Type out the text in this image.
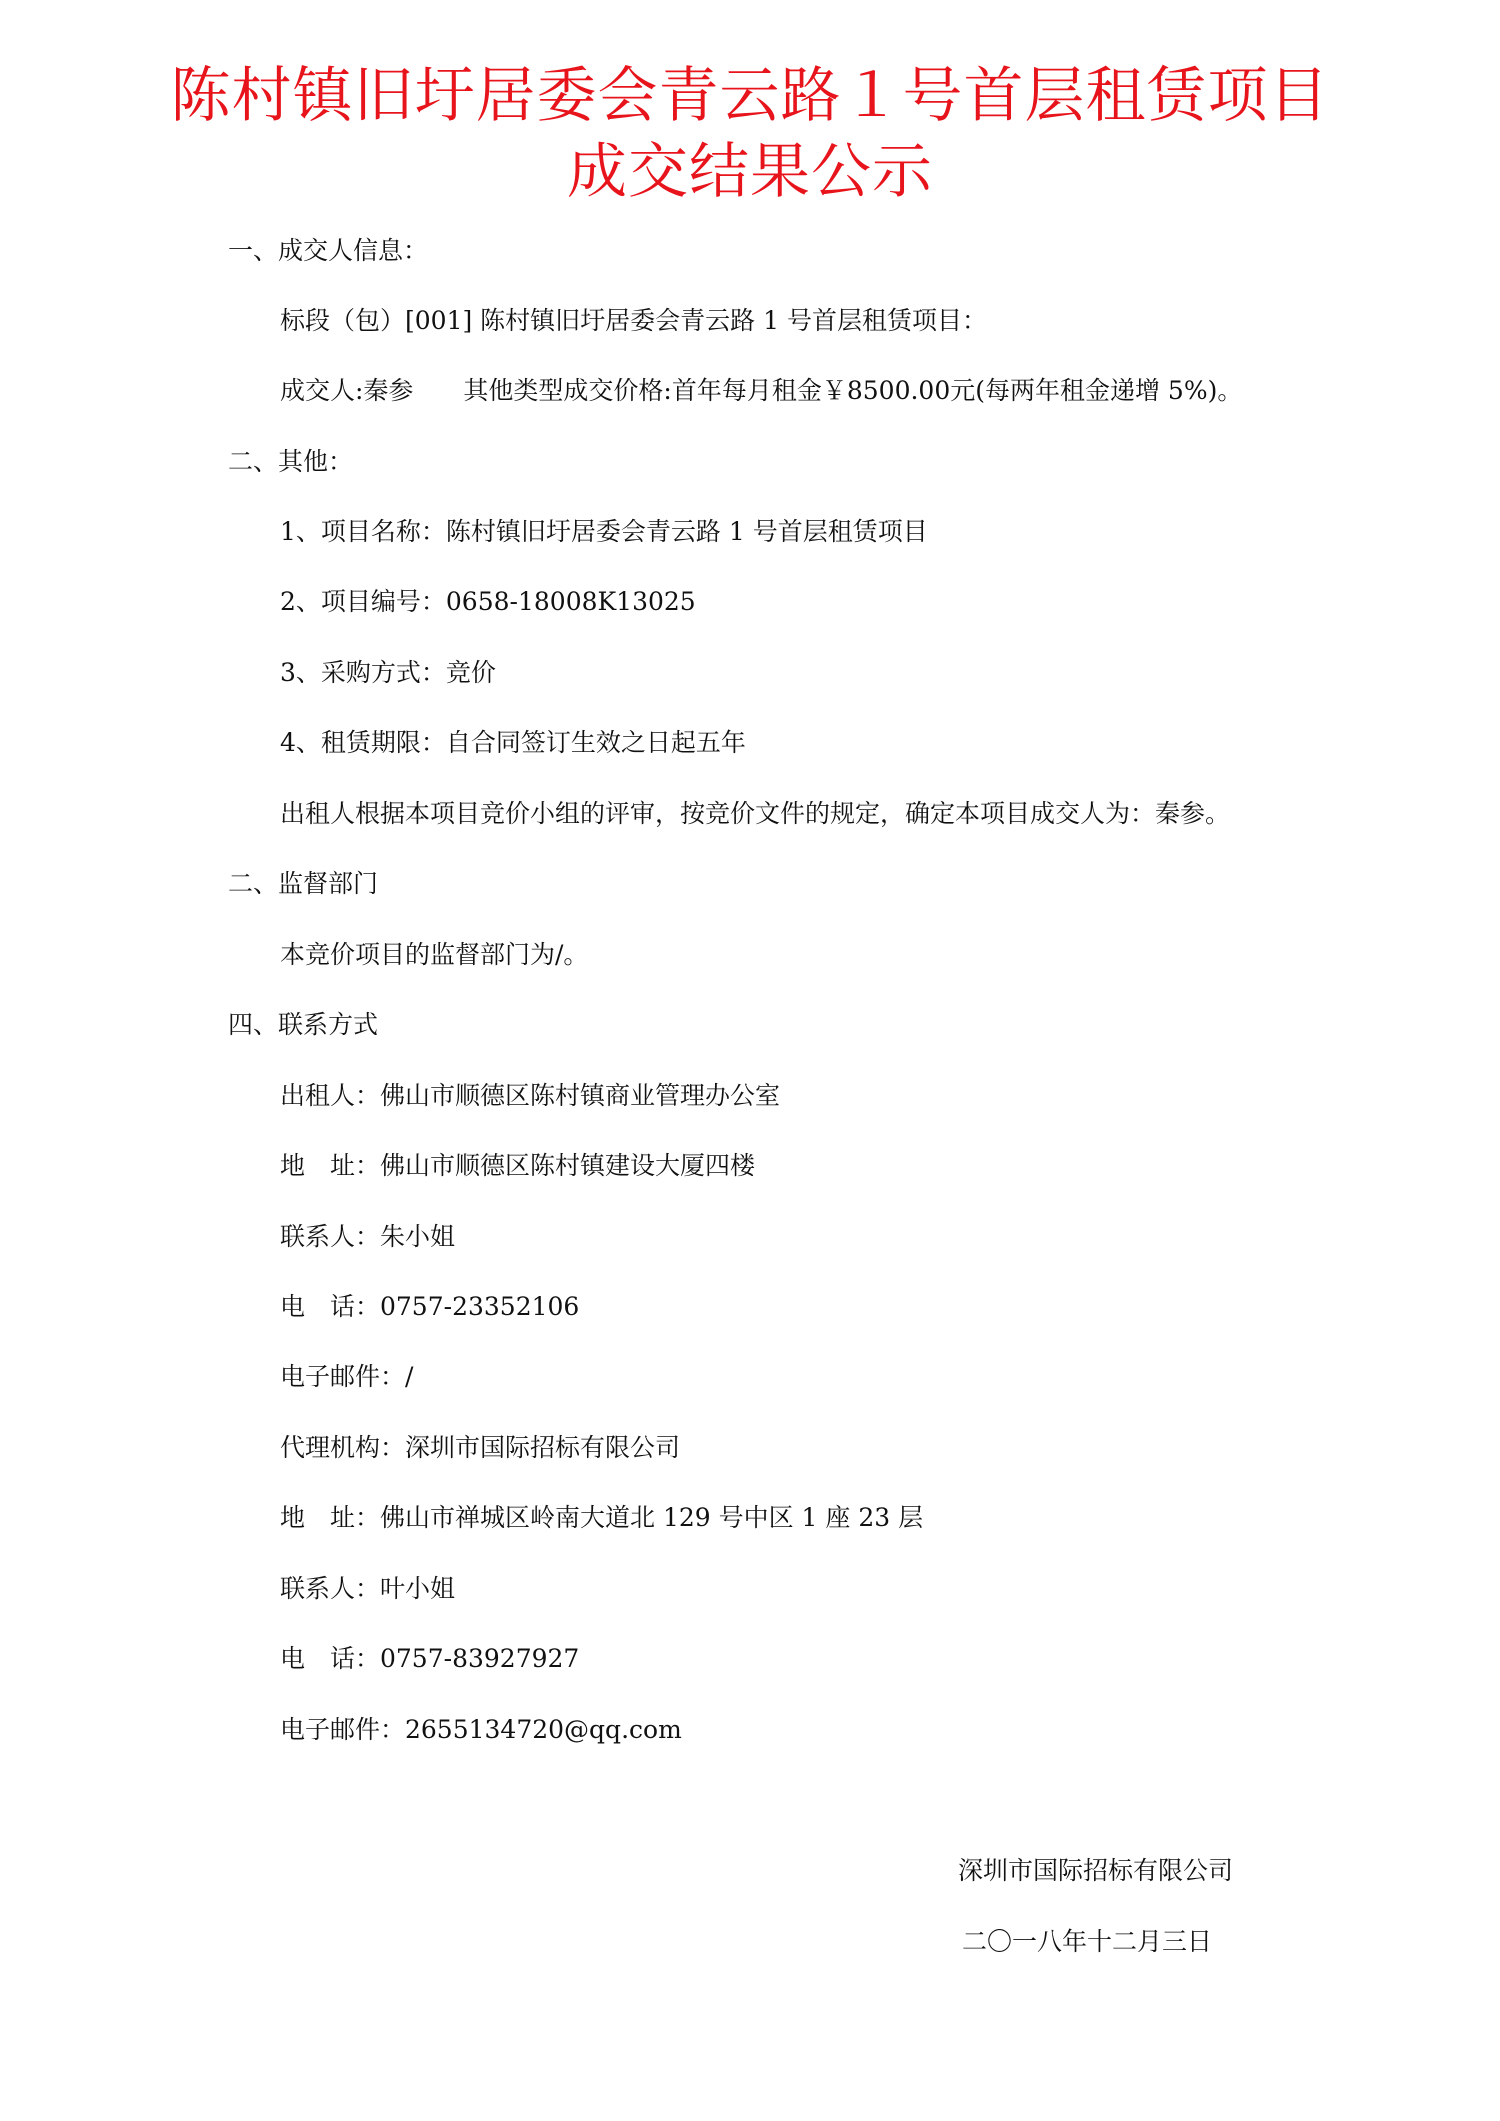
陈村镇旧圩居委会青云路１号首层租赁项目
成交结果公示
一、成交人信息：
标段（包）[001] 陈村镇旧圩居委会青云路 1 号首层租赁项目：
成交人:秦参　　其他类型成交价格:首年每月租金￥8500.00元(每两年租金递增 5%)。
二、其他：
1、项目名称：陈村镇旧圩居委会青云路 1 号首层租赁项目
2、项目编号：0658-18008K13025
3、采购方式：竞价
4、租赁期限：自合同签订生效之日起五年
出租人根据本项目竞价小组的评审，按竞价文件的规定，确定本项目成交人为：秦参。
二、监督部门
本竞价项目的监督部门为/。
四、联系方式
出租人：佛山市顺德区陈村镇商业管理办公室
地　址：佛山市顺德区陈村镇建设大厦四楼
联系人：朱小姐
电　话：0757-23352106
电子邮件：/
代理机构：深圳市国际招标有限公司
地　址：佛山市禅城区岭南大道北 129 号中区 1 座 23 层
联系人：叶小姐
电　话：0757-83927927
电子邮件：2655134720@qq.com
深圳市国际招标有限公司
二〇一八年十二月三日
